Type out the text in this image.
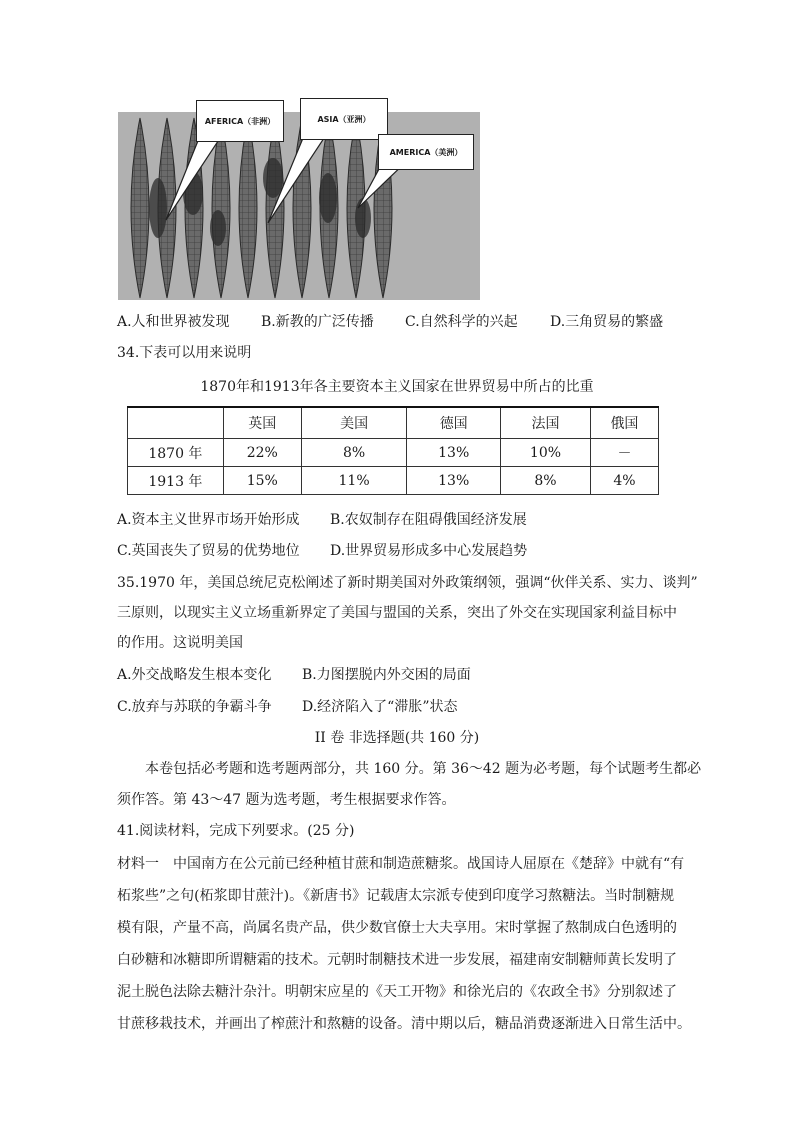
AFERICA（非洲）	ASIA（亚洲）
AMERICA（美洲）
A.人和世界被发现 B.新教的广泛传播 C.自然科学的兴起 D.三角贸易的繁盛
34.下表可以用来说明
1870年和1913年各主要资本主义国家在世界贸易中所占的比重
	英国	美国	德国	法国	俄国
1870 年	22%	8%	13%	10%	－
1913 年	15%	11%	13%	8%	4%
A.资本主义世界市场开始形成 B.农奴制存在阻碍俄国经济发展
C.英国丧失了贸易的优势地位 D.世界贸易形成多中心发展趋势
35.1970 年，美国总统尼克松阐述了新时期美国对外政策纲领，强调“伙伴关系、实力、谈判”
三原则，以现实主义立场重新界定了美国与盟国的关系，突出了外交在实现国家利益目标中
的作用。这说明美国
A.外交战略发生根本变化 B.力图摆脱内外交困的局面
C.放弃与苏联的争霸斗争 D.经济陷入了“滞胀”状态
II 卷 非选择题(共 160 分)
本卷包括必考题和选考题两部分，共 160 分。第 36～42 题为必考题，每个试题考生都必
须作答。第 43～47 题为选考题，考生根据要求作答。
41.阅读材料，完成下列要求。(25 分)
材料一　中国南方在公元前已经种植甘蔗和制造蔗糖浆。战国诗人屈原在《楚辞》中就有“有
柘浆些”之句(柘浆即甘蔗汁)。《新唐书》记载唐太宗派专使到印度学习熬糖法。当时制糖规
模有限，产量不高，尚属名贵产品，供少数官僚士大夫享用。宋时掌握了熬制成白色透明的
白砂糖和冰糖即所谓糖霜的技术。元朝时制糖技术进一步发展，福建南安制糖师黄长发明了
泥土脱色法除去糖汁杂汁。明朝宋应星的《天工开物》和徐光启的《农政全书》分别叙述了
甘蔗移栽技术，并画出了榨蔗汁和熬糖的设备。清中期以后，糖品消费逐渐进入日常生活中。
